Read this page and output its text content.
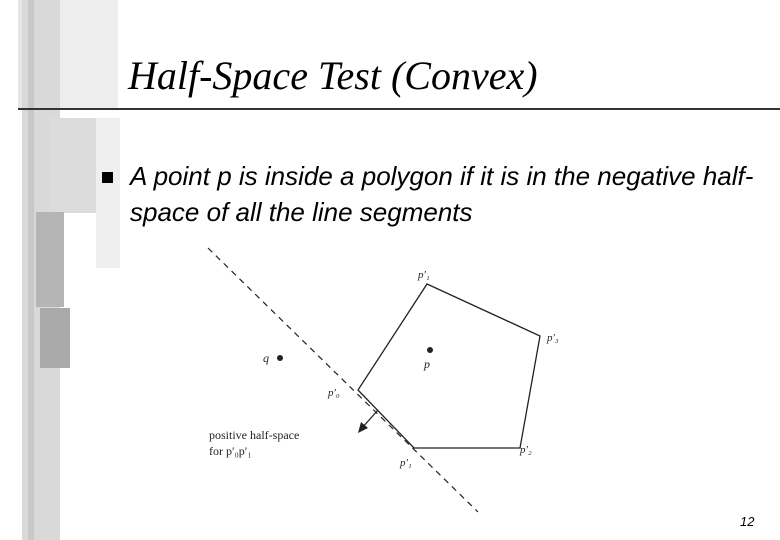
Half-Space Test (Convex)
A point p is inside a polygon if it is in the negative half-space of all the line segments
p
q
p′₁
p′₃
p′₀
p′₁
p′₂
positive half-space
for p′₀p′₁
12
